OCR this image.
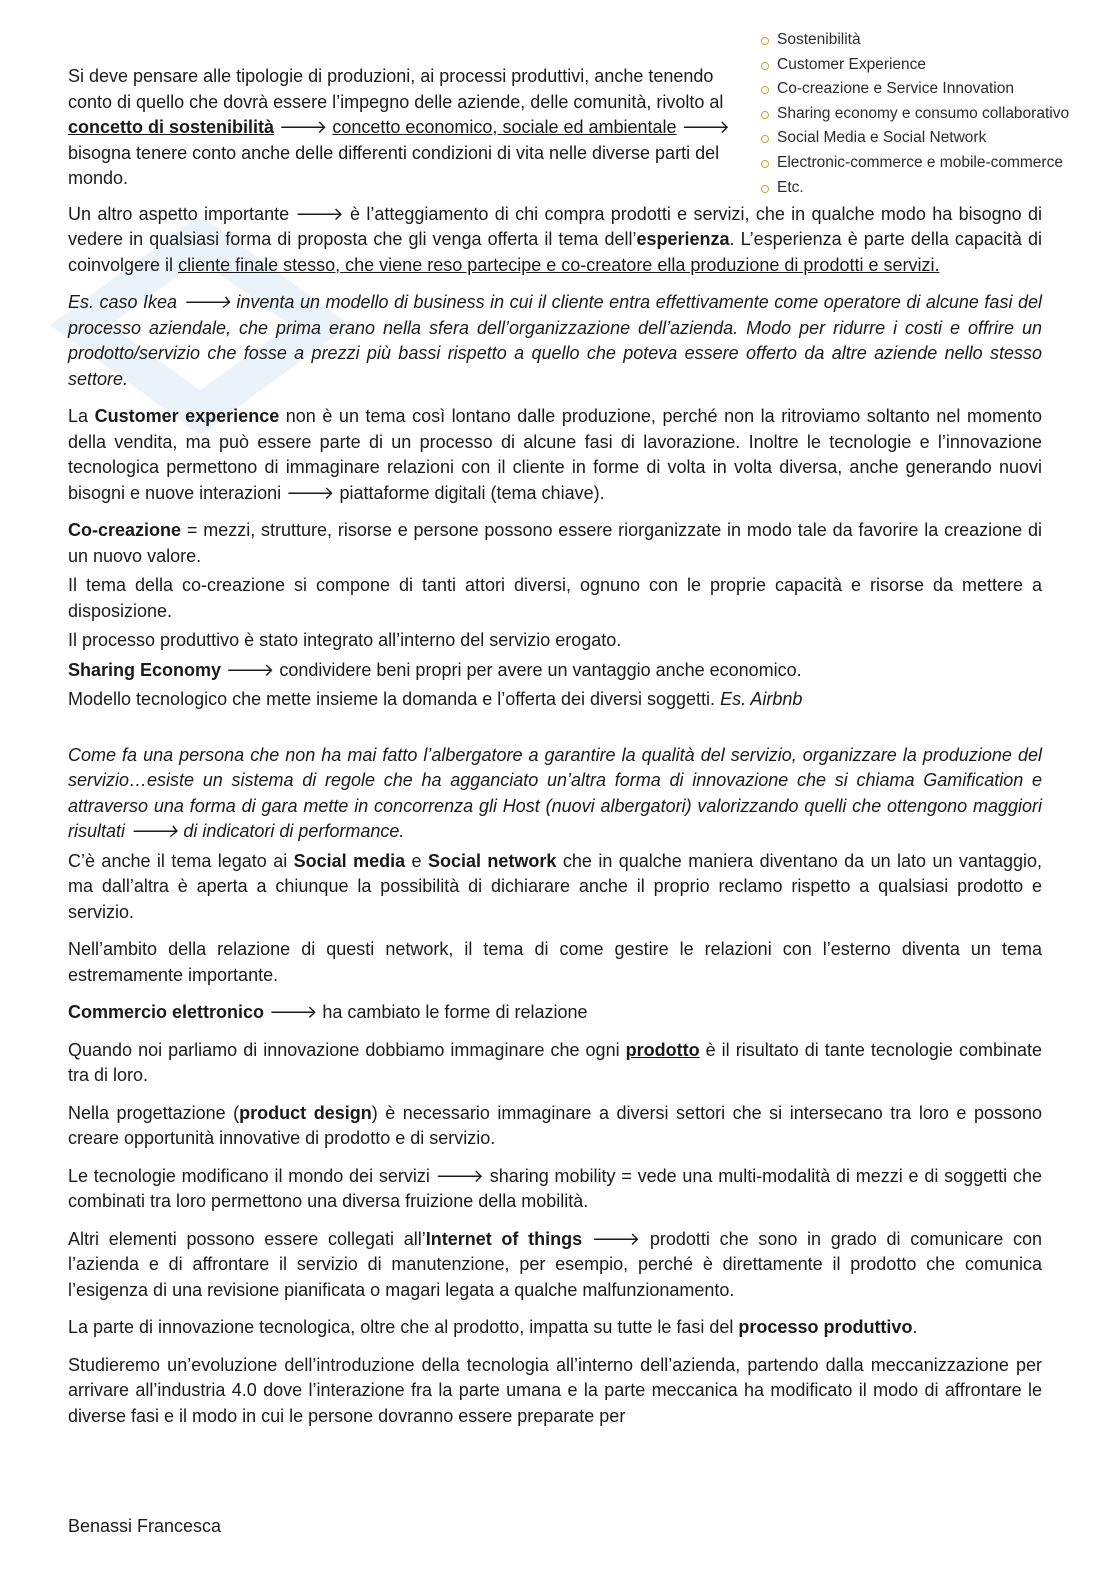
Sostenibilità
Customer Experience
Co-creazione e Service Innovation
Sharing economy e consumo collaborativo
Social Media e Social Network
Electronic-commerce e mobile-commerce
Etc.

Si deve pensare alle tipologie di produzioni, ai processi produttivi, anche tenendo conto di quello che dovrà essere l’impegno delle aziende, delle comunità, rivolto al concetto di sostenibilità 🡒 concetto economico, sociale ed ambientale 🡒 bisogna tenere conto anche delle differenti condizioni di vita nelle diverse parti del mondo.

Un altro aspetto importante 🡒 è l’atteggiamento di chi compra prodotti e servizi, che in qualche modo ha bisogno di vedere in qualsiasi forma di proposta che gli venga offerta il tema dell’esperienza. L’esperienza è parte della capacità di coinvolgere il cliente finale stesso, che viene reso partecipe e co-creatore ella produzione di prodotti e servizi.

Es. caso Ikea 🡒 inventa un modello di business in cui il cliente entra effettivamente come operatore di alcune fasi del processo aziendale, che prima erano nella sfera dell’organizzazione dell’azienda. Modo per ridurre i costi e offrire un prodotto/servizio che fosse a prezzi più bassi rispetto a quello che poteva essere offerto da altre aziende nello stesso settore.

La Customer experience non è un tema così lontano dalle produzione, perché non la ritroviamo soltanto nel momento della vendita, ma può essere parte di un processo di alcune fasi di lavorazione. Inoltre le tecnologie e l’innovazione tecnologica permettono di immaginare relazioni con il cliente in forme di volta in volta diversa, anche generando nuovi bisogni e nuove interazioni 🡒 piattaforme digitali (tema chiave).

Co-creazione = mezzi, strutture, risorse e persone possono essere riorganizzate in modo tale da favorire la creazione di un nuovo valore.

Il tema della co-creazione si compone di tanti attori diversi, ognuno con le proprie capacità e risorse da mettere a disposizione.

Il processo produttivo è stato integrato all’interno del servizio erogato.

Sharing Economy 🡒 condividere beni propri per avere un vantaggio anche economico.

Modello tecnologico che mette insieme la domanda e l’offerta dei diversi soggetti. Es. Airbnb

Come fa una persona che non ha mai fatto l’albergatore a garantire la qualità del servizio, organizzare la produzione del servizio…esiste un sistema di regole che ha agganciato un’altra forma di innovazione che si chiama Gamification e attraverso una forma di gara mette in concorrenza gli Host (nuovi albergatori) valorizzando quelli che ottengono maggiori risultati 🡒 di indicatori di performance.

C’è anche il tema legato ai Social media e Social network che in qualche maniera diventano da un lato un vantaggio, ma dall’altra è aperta a chiunque la possibilità di dichiarare anche il proprio reclamo rispetto a qualsiasi prodotto e servizio.

Nell’ambito della relazione di questi network, il tema di come gestire le relazioni con l’esterno diventa un tema estremamente importante.

Commercio elettronico 🡒 ha cambiato le forme di relazione

Quando noi parliamo di innovazione dobbiamo immaginare che ogni prodotto è il risultato di tante tecnologie combinate tra di loro.

Nella progettazione (product design) è necessario immaginare a diversi settori che si intersecano tra loro e possono creare opportunità innovative di prodotto e di servizio.

Le tecnologie modificano il mondo dei servizi 🡒 sharing mobility = vede una multi-modalità di mezzi e di soggetti che combinati tra loro permettono una diversa fruizione della mobilità.

Altri elementi possono essere collegati all’Internet of things 🡒 prodotti che sono in grado di comunicare con l’azienda e di affrontare il servizio di manutenzione, per esempio, perché è direttamente il prodotto che comunica l’esigenza di una revisione pianificata o magari legata a qualche malfunzionamento.

La parte di innovazione tecnologica, oltre che al prodotto, impatta su tutte le fasi del processo produttivo.

Studieremo un’evoluzione dell’introduzione della tecnologia all’interno dell’azienda, partendo dalla meccanizzazione per arrivare all’industria 4.0 dove l’interazione fra la parte umana e la parte meccanica ha modificato il modo di affrontare le diverse fasi e il modo in cui le persone dovranno essere preparate per

Benassi Francesca
